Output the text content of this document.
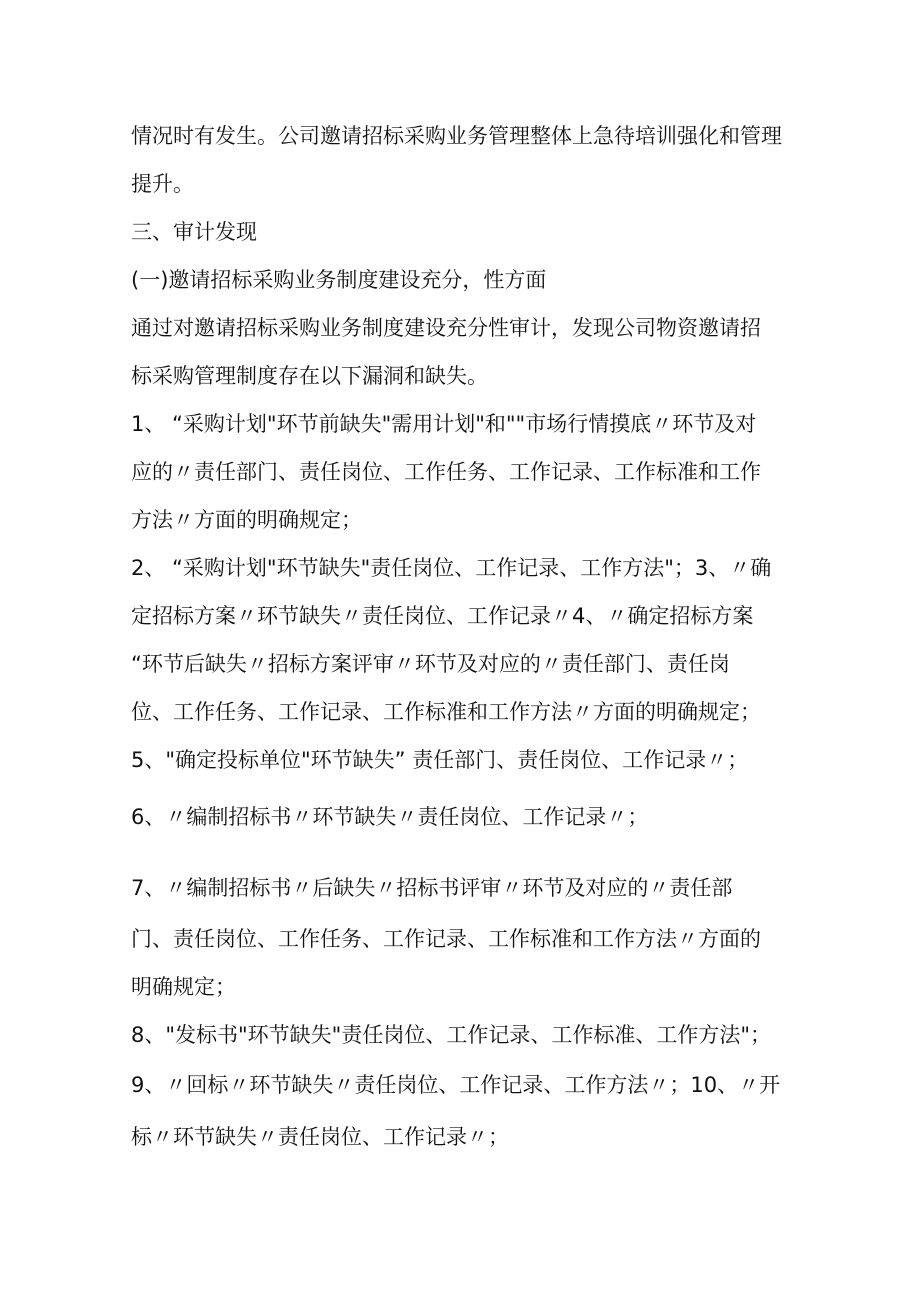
情况时有发生。公司邀请招标采购业务管理整体上急待培训强化和管理
提升。
三、审计发现
(一)邀请招标采购业务制度建设充分，性方面
通过对邀请招标采购业务制度建设充分性审计，发现公司物资邀请招
标采购管理制度存在以下漏洞和缺失。
1、 “采购计划"环节前缺失"需用计划"和""市场行情摸底〃环节及对
应的〃责任部门、责任岗位、工作任务、工作记录、工作标准和工作
方法〃方面的明确规定；
2、 “采购计划"环节缺失"责任岗位、工作记录、工作方法"；3、〃确
定招标方案〃环节缺失〃责任岗位、工作记录〃4、〃确定招标方案
“环节后缺失〃招标方案评审〃环节及对应的〃责任部门、责任岗
位、工作任务、工作记录、工作标准和工作方法〃方面的明确规定；
5、"确定投标单位"环节缺失” 责任部门、责任岗位、工作记录〃；
6、〃编制招标书〃环节缺失〃责任岗位、工作记录〃；
7、〃编制招标书〃后缺失〃招标书评审〃环节及对应的〃责任部
门、责任岗位、工作任务、工作记录、工作标准和工作方法〃方面的
明确规定；
8、"发标书"环节缺失"责任岗位、工作记录、工作标准、工作方法"；
9、〃回标〃环节缺失〃责任岗位、工作记录、工作方法〃；10、〃开
标〃环节缺失〃责任岗位、工作记录〃；
